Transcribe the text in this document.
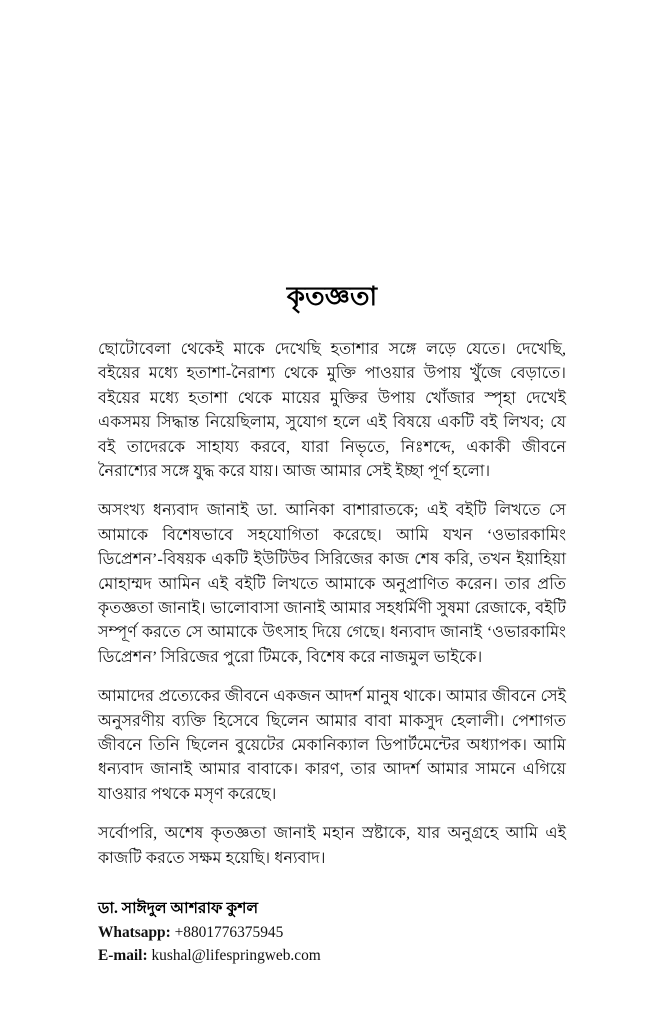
কৃতজ্ঞতা

ছোটোবেলা থেকেই মাকে দেখেছি হতাশার সঙ্গে লড়ে যেতে। দেখেছি, বইয়ের মধ্যে হতাশা-নৈরাশ্য থেকে মুক্তি পাওয়ার উপায় খুঁজে বেড়াতে। বইয়ের মধ্যে হতাশা থেকে মায়ের মুক্তির উপায় খোঁজার স্পৃহা দেখেই একসময় সিদ্ধান্ত নিয়েছিলাম, সুযোগ হলে এই বিষয়ে একটি বই লিখব; যে বই তাদেরকে সাহায্য করবে, যারা নিভৃতে, নিঃশব্দে, একাকী জীবনে নৈরাশ্যের সঙ্গে যুদ্ধ করে যায়। আজ আমার সেই ইচ্ছা পূর্ণ হলো।

অসংখ্য ধন্যবাদ জানাই ডা. আনিকা বাশারাতকে; এই বইটি লিখতে সে আমাকে বিশেষভাবে সহযোগিতা করেছে। আমি যখন ‘ওভারকামিং ডিপ্রেশন’-বিষয়ক একটি ইউটিউব সিরিজের কাজ শেষ করি, তখন ইয়াহিয়া মোহাম্মদ আমিন এই বইটি লিখতে আমাকে অনুপ্রাণিত করেন। তার প্রতি কৃতজ্ঞতা জানাই। ভালোবাসা জানাই আমার সহধর্মিণী সুষমা রেজাকে, বইটি সম্পূর্ণ করতে সে আমাকে উৎসাহ দিয়ে গেছে। ধন্যবাদ জানাই ‘ওভারকামিং ডিপ্রেশন’ সিরিজের পুরো টিমকে, বিশেষ করে নাজমুল ভাইকে।

আমাদের প্রত্যেকের জীবনে একজন আদর্শ মানুষ থাকে। আমার জীবনে সেই অনুসরণীয় ব্যক্তি হিসেবে ছিলেন আমার বাবা মাকসুদ হেলালী। পেশাগত জীবনে তিনি ছিলেন বুয়েটের মেকানিক্যাল ডিপার্টমেন্টের অধ্যাপক। আমি ধন্যবাদ জানাই আমার বাবাকে। কারণ, তার আদর্শ আমার সামনে এগিয়ে যাওয়ার পথকে মসৃণ করেছে।

সর্বোপরি, অশেষ কৃতজ্ঞতা জানাই মহান স্রষ্টাকে, যার অনুগ্রহে আমি এই কাজটি করতে সক্ষম হয়েছি। ধন্যবাদ।

ডা. সাঈদুল আশরাফ কুশল

Whatsapp: +8801776375945

E-mail: kushal@lifespringweb.com
